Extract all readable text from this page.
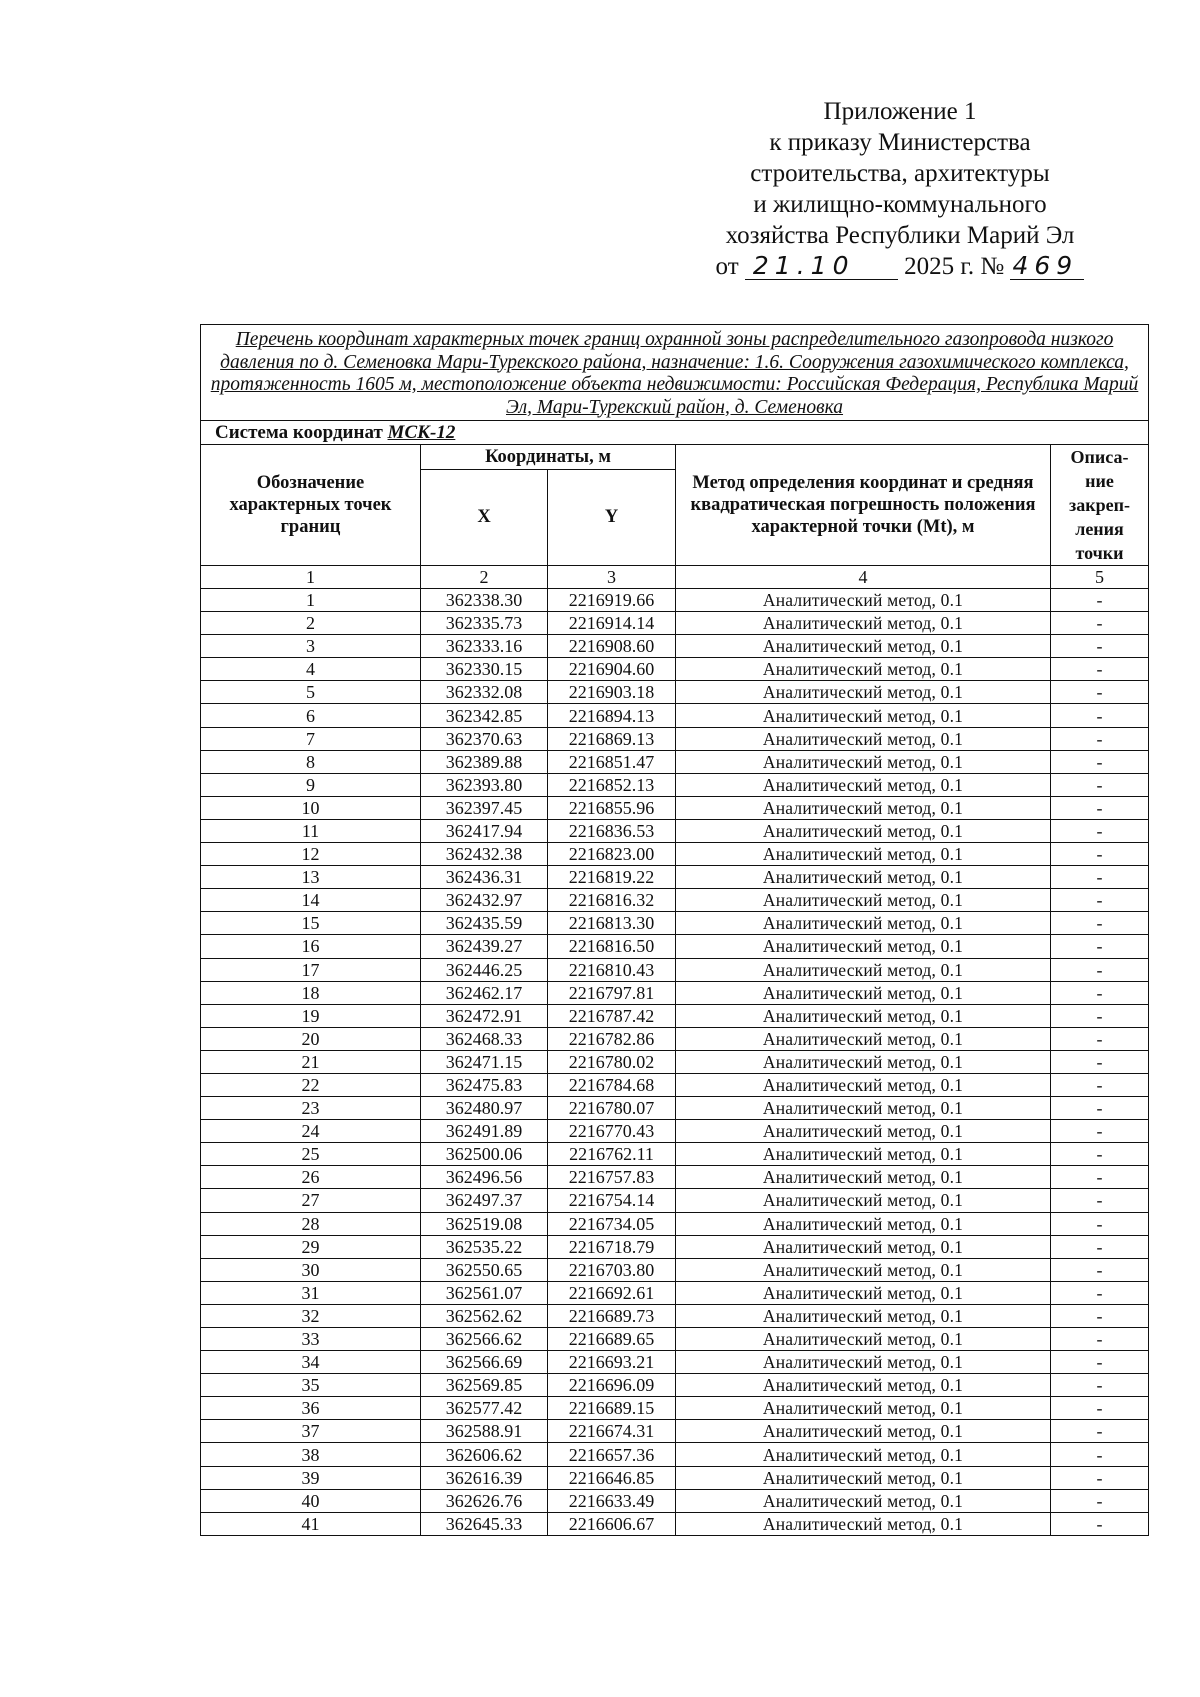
Приложение 1
к приказу Министерства
строительства, архитектуры
и жилищно-коммунального
хозяйства Республики Марий Эл
от 21.10 2025 г. № 469
Перечень координат характерных точек границ охранной зоны распределительного газопровода низкого давления по д. Семеновка Мари-Турекского района, назначение: 1.6. Сооружения газохимического комплекса, протяженность 1605 м, местоположение объекта недвижимости: Российская Федерация, Республика Марий Эл, Мари-Турекский район, д. Семеновка				
Система координат МСК-12				
Обозначение характерных точек границ	Координаты, м		Метод определения координат и средняя квадратическая погрешность положения характерной точки (Mt), м	Описа-
ние
закреп-
ления
точки
	X	Y		
1	2	3	4	5
1	362338.30	2216919.66	Аналитический метод, 0.1	-
2	362335.73	2216914.14	Аналитический метод, 0.1	-
3	362333.16	2216908.60	Аналитический метод, 0.1	-
4	362330.15	2216904.60	Аналитический метод, 0.1	-
5	362332.08	2216903.18	Аналитический метод, 0.1	-
6	362342.85	2216894.13	Аналитический метод, 0.1	-
7	362370.63	2216869.13	Аналитический метод, 0.1	-
8	362389.88	2216851.47	Аналитический метод, 0.1	-
9	362393.80	2216852.13	Аналитический метод, 0.1	-
10	362397.45	2216855.96	Аналитический метод, 0.1	-
11	362417.94	2216836.53	Аналитический метод, 0.1	-
12	362432.38	2216823.00	Аналитический метод, 0.1	-
13	362436.31	2216819.22	Аналитический метод, 0.1	-
14	362432.97	2216816.32	Аналитический метод, 0.1	-
15	362435.59	2216813.30	Аналитический метод, 0.1	-
16	362439.27	2216816.50	Аналитический метод, 0.1	-
17	362446.25	2216810.43	Аналитический метод, 0.1	-
18	362462.17	2216797.81	Аналитический метод, 0.1	-
19	362472.91	2216787.42	Аналитический метод, 0.1	-
20	362468.33	2216782.86	Аналитический метод, 0.1	-
21	362471.15	2216780.02	Аналитический метод, 0.1	-
22	362475.83	2216784.68	Аналитический метод, 0.1	-
23	362480.97	2216780.07	Аналитический метод, 0.1	-
24	362491.89	2216770.43	Аналитический метод, 0.1	-
25	362500.06	2216762.11	Аналитический метод, 0.1	-
26	362496.56	2216757.83	Аналитический метод, 0.1	-
27	362497.37	2216754.14	Аналитический метод, 0.1	-
28	362519.08	2216734.05	Аналитический метод, 0.1	-
29	362535.22	2216718.79	Аналитический метод, 0.1	-
30	362550.65	2216703.80	Аналитический метод, 0.1	-
31	362561.07	2216692.61	Аналитический метод, 0.1	-
32	362562.62	2216689.73	Аналитический метод, 0.1	-
33	362566.62	2216689.65	Аналитический метод, 0.1	-
34	362566.69	2216693.21	Аналитический метод, 0.1	-
35	362569.85	2216696.09	Аналитический метод, 0.1	-
36	362577.42	2216689.15	Аналитический метод, 0.1	-
37	362588.91	2216674.31	Аналитический метод, 0.1	-
38	362606.62	2216657.36	Аналитический метод, 0.1	-
39	362616.39	2216646.85	Аналитический метод, 0.1	-
40	362626.76	2216633.49	Аналитический метод, 0.1	-
41	362645.33	2216606.67	Аналитический метод, 0.1	-
